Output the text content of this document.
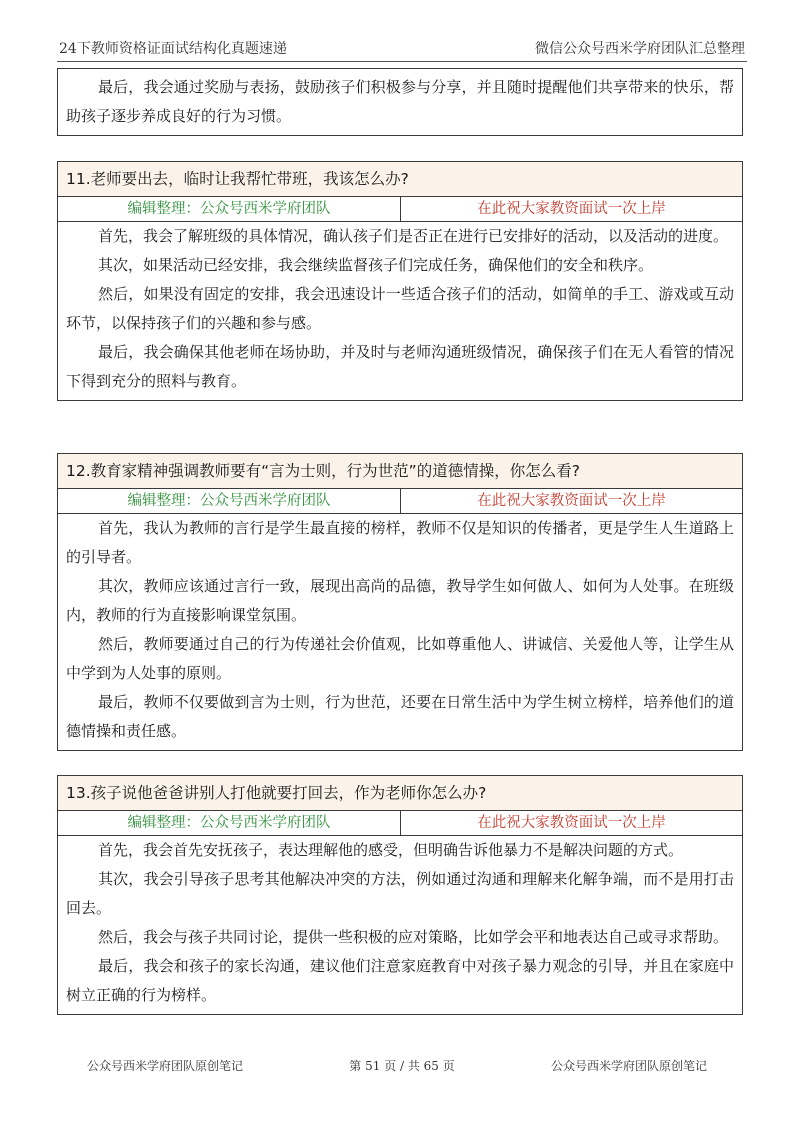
24下教师资格证面试结构化真题速递	微信公众号西米学府团队汇总整理

最后，我会通过奖励与表扬，鼓励孩子们积极参与分享，并且随时提醒他们共享带来的快乐，帮助孩子逐步养成良好的行为习惯。

11.老师要出去，临时让我帮忙带班，我该怎么办?
编辑整理：公众号西米学府团队	在此祝大家教资面试一次上岸

首先，我会了解班级的具体情况，确认孩子们是否正在进行已安排好的活动，以及活动的进度。

其次，如果活动已经安排，我会继续监督孩子们完成任务，确保他们的安全和秩序。

然后，如果没有固定的安排，我会迅速设计一些适合孩子们的活动，如简单的手工、游戏或互动环节，以保持孩子们的兴趣和参与感。

最后，我会确保其他老师在场协助，并及时与老师沟通班级情况，确保孩子们在无人看管的情况下得到充分的照料与教育。

12.教育家精神强调教师要有“言为士则，行为世范”的道德情操，你怎么看?
编辑整理：公众号西米学府团队	在此祝大家教资面试一次上岸

首先，我认为教师的言行是学生最直接的榜样，教师不仅是知识的传播者，更是学生人生道路上的引导者。

其次，教师应该通过言行一致，展现出高尚的品德，教导学生如何做人、如何为人处事。在班级内，教师的行为直接影响课堂氛围。

然后，教师要通过自己的行为传递社会价值观，比如尊重他人、讲诚信、关爱他人等，让学生从中学到为人处事的原则。

最后，教师不仅要做到言为士则，行为世范，还要在日常生活中为学生树立榜样，培养他们的道德情操和责任感。

13.孩子说他爸爸讲别人打他就要打回去，作为老师你怎么办?
编辑整理：公众号西米学府团队	在此祝大家教资面试一次上岸

首先，我会首先安抚孩子，表达理解他的感受，但明确告诉他暴力不是解决问题的方式。

其次，我会引导孩子思考其他解决冲突的方法，例如通过沟通和理解来化解争端，而不是用打击回去。

然后，我会与孩子共同讨论，提供一些积极的应对策略，比如学会平和地表达自己或寻求帮助。

最后，我会和孩子的家长沟通，建议他们注意家庭教育中对孩子暴力观念的引导，并且在家庭中树立正确的行为榜样。

公众号西米学府团队原创笔记	第 51 页 / 共 65 页	公众号西米学府团队原创笔记
